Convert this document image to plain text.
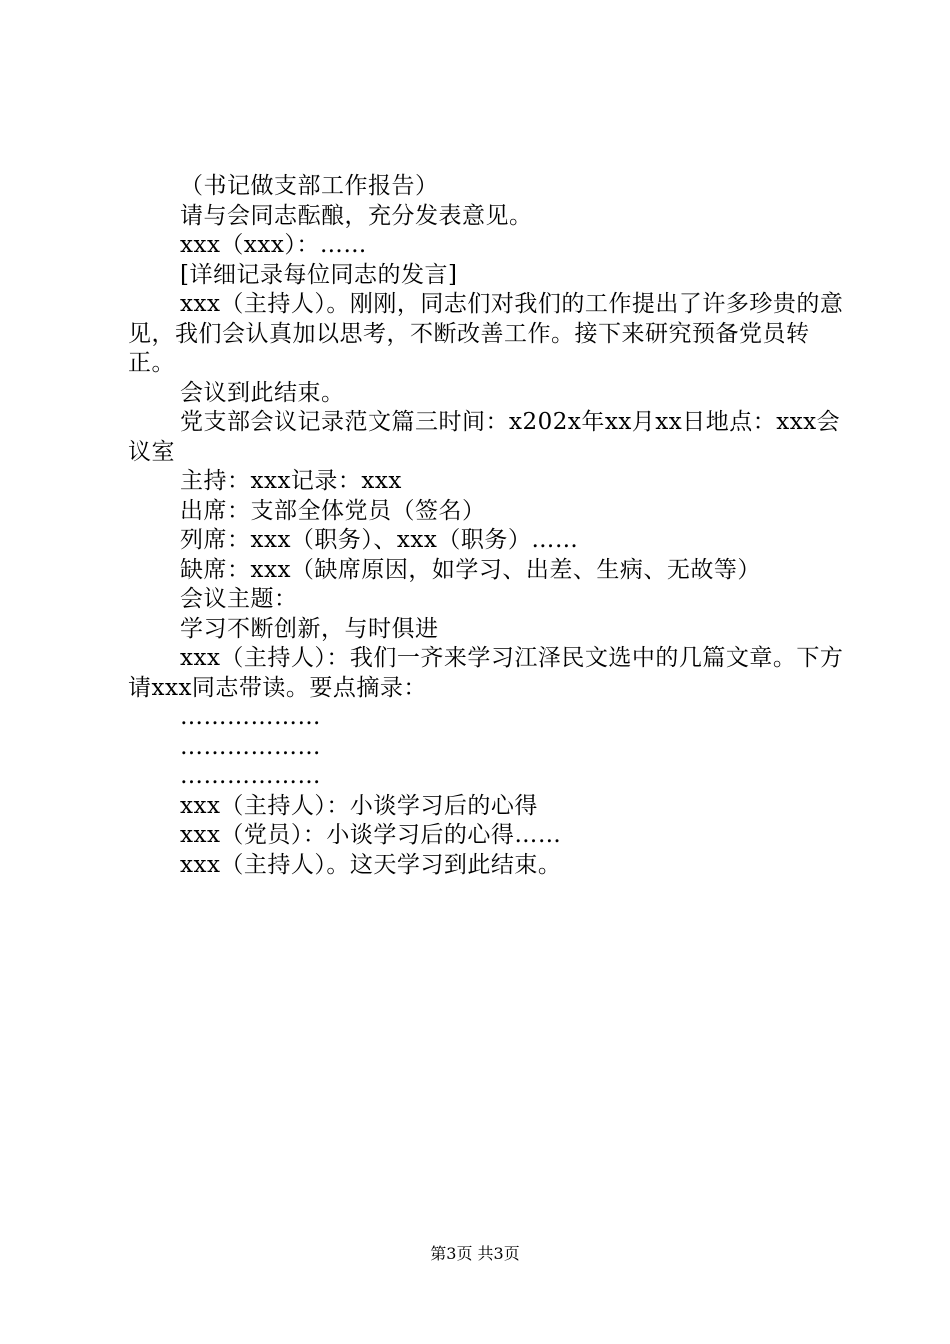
（书记做支部工作报告）

请与会同志酝酿，充分发表意见。

xxx（xxx）：……

[详细记录每位同志的发言]

xxx（主持人）。刚刚，同志们对我们的工作提出了许多珍贵的意见，我们会认真加以思考，不断改善工作。接下来研究预备党员转正。

会议到此结束。

党支部会议记录范文篇三时间：x202x年xx月xx日地点：xxx会议室

主持：xxx记录：xxx

出席：支部全体党员（签名）

列席：xxx（职务）、xxx（职务）……

缺席：xxx（缺席原因，如学习、出差、生病、无故等）

会议主题：

学习不断创新，与时俱进

xxx（主持人）：我们一齐来学习江泽民文选中的几篇文章。下方请xxx同志带读。要点摘录：

………………

………………

………………

xxx（主持人）：小谈学习后的心得

xxx（党员）：小谈学习后的心得……

xxx（主持人）。这天学习到此结束。

第3页 共3页
